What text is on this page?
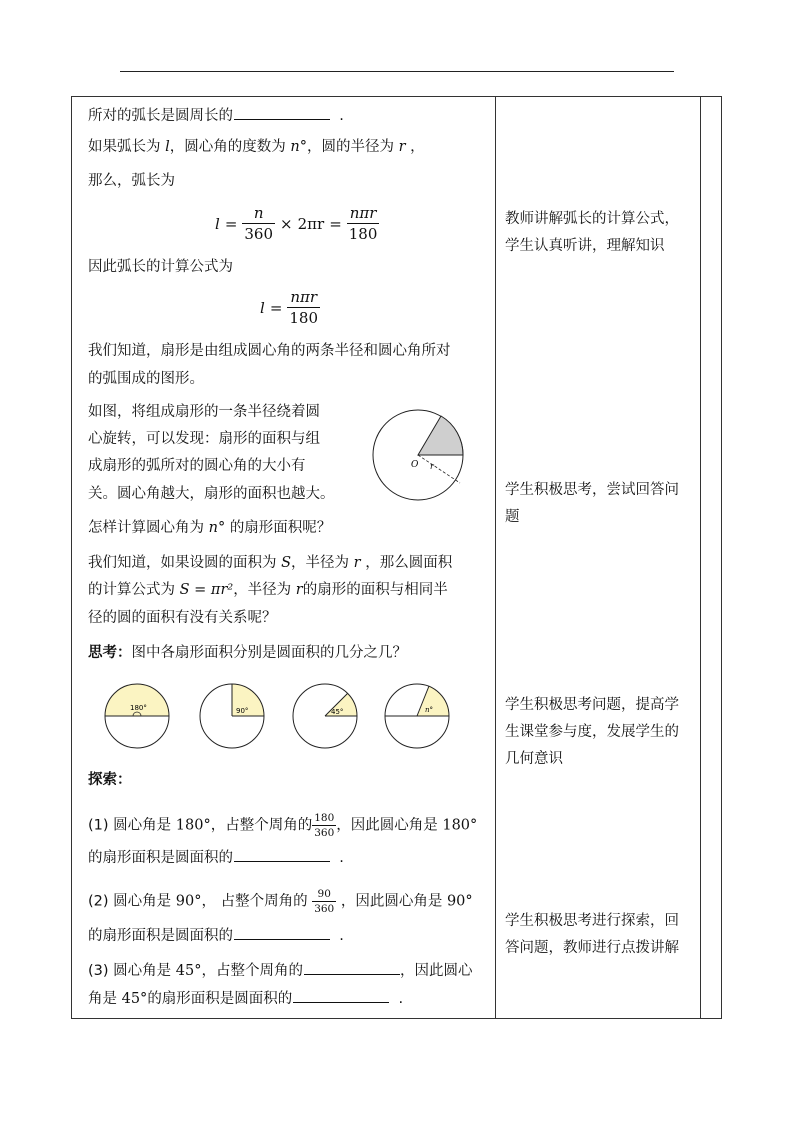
所对的弧长是圆周长的	.
如果弧长为 l，圆心角的度数为 n°，圆的半径为 r ，
那么，弧长为
$l = \frac{n}{360} \times 2\pi r = \frac{\text{nπr}}{180}$
因此弧长的计算公式为
$l = \frac{\text{nπr}}{180}$
我们知道，扇形是由组成圆心角的两条半径和圆心角所对
的弧围成的图形。
如图，将组成扇形的一条半径绕着圆
心旋转，可以发现：扇形的面积与组
成扇形的弧所对的圆心角的大小有
关。圆心角越大，扇形的面积也越大。
O r
怎样计算圆心角为 n° 的扇形面积呢？
我们知道，如果设圆的面积为 S，半径为 r ，那么圆面积
的计算公式为 S = πr²，半径为 r的扇形的面积与相同半
径的圆的面积有没有关系呢？
思考：图中各扇形面积分别是圆面积的几分之几？
180°	90°	45°	n°
探索：
(1) 圆心角是 180°，占整个周角的 $\frac{180}{360}$ ，因此圆心角是 180°
的扇形面积是圆面积的	.
(2) 圆心角是 90°， 占整个周角的 $\frac{90}{360}$ ，因此圆心角是 90°
的扇形面积是圆面积的	.
(3) 圆心角是 45°，占整个周角的	，因此圆心
角是 45°的扇形面积是圆面积的	.
教师讲解弧长的计算公式，学生认真听讲，理解知识
学生积极思考，尝试回答问题
学生积极思考问题，提高学生课堂参与度，发展学生的几何意识
学生积极思考进行探索，回答问题，教师进行点拨讲解
